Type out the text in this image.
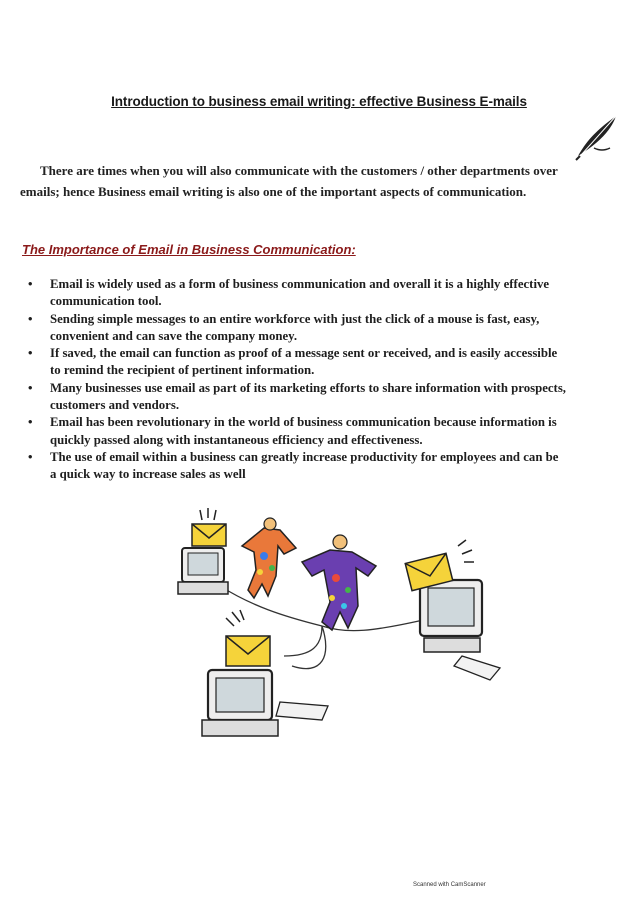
Introduction to business email writing: effective Business E-mails
There are times when you will also communicate with the customers / other departments over
emails; hence Business email writing is also one of the important aspects of communication.
The Importance of Email in Business Communication:
• Email is widely used as a form of business communication and overall it is a highly effective
communication tool.
• Sending simple messages to an entire workforce with just the click of a mouse is fast, easy,
convenient and can save the company money.
• If saved, the email can function as proof of a message sent or received, and is easily accessible
to remind the recipient of pertinent information.
• Many businesses use email as part of its marketing efforts to share information with prospects,
customers and vendors.
• Email has been revolutionary in the world of business communication because information is
quickly passed along with instantaneous efficiency and effectiveness.
• The use of email within a business can greatly increase productivity for employees and can be
a quick way to increase sales as well
Scanned with CamScanner
